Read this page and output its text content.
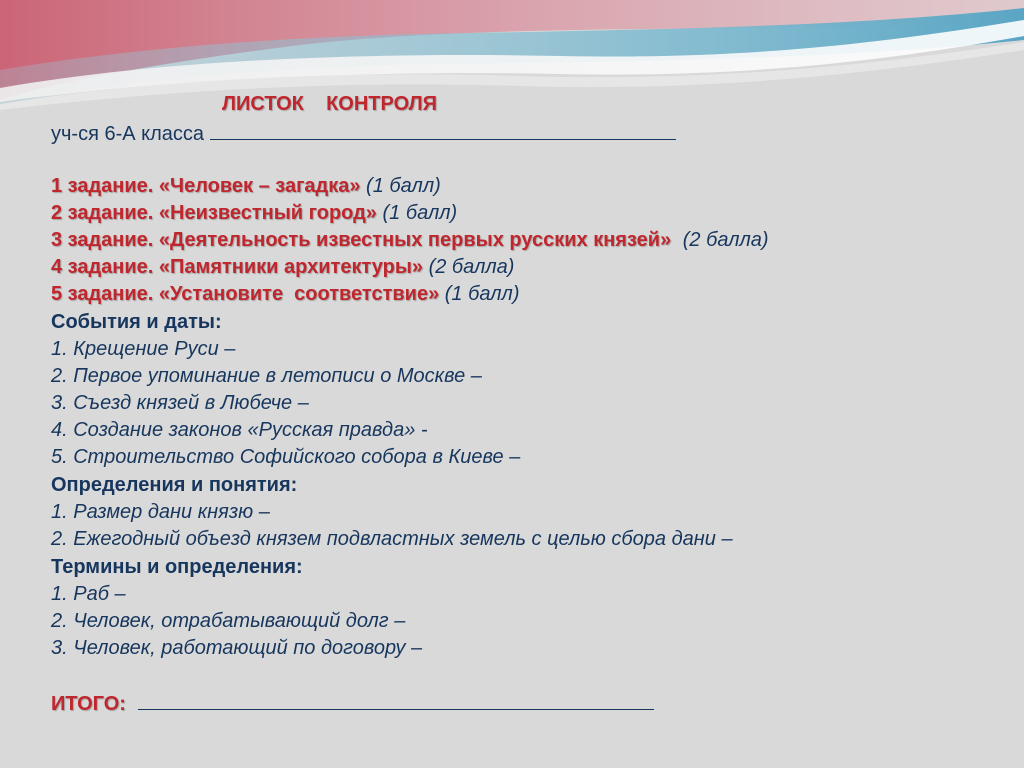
ЛИСТОК    КОНТРОЛЯ
уч-ся 6-А класса
1 задание. «Человек – загадка» (1 балл)
2 задание. «Неизвестный город» (1 балл)
3 задание. «Деятельность известных первых русских князей» (2 балла)
4 задание. «Памятники архитектуры» (2 балла)
5 задание. «Установите  соответствие» (1 балл)
События и даты:
1. Крещение Руси –
2. Первое упоминание в летописи о Москве –
3. Съезд князей в Любече –
4. Создание законов «Русская правда» -
5. Строительство Софийского собора в Киеве –
Определения и понятия:
1. Размер дани князю –
2. Ежегодный объезд князем подвластных земель с целью сбора дани –
Термины и определения:
1. Раб –
2. Человек, отрабатывающий долг –
3. Человек, работающий по договору –
ИТОГО:
